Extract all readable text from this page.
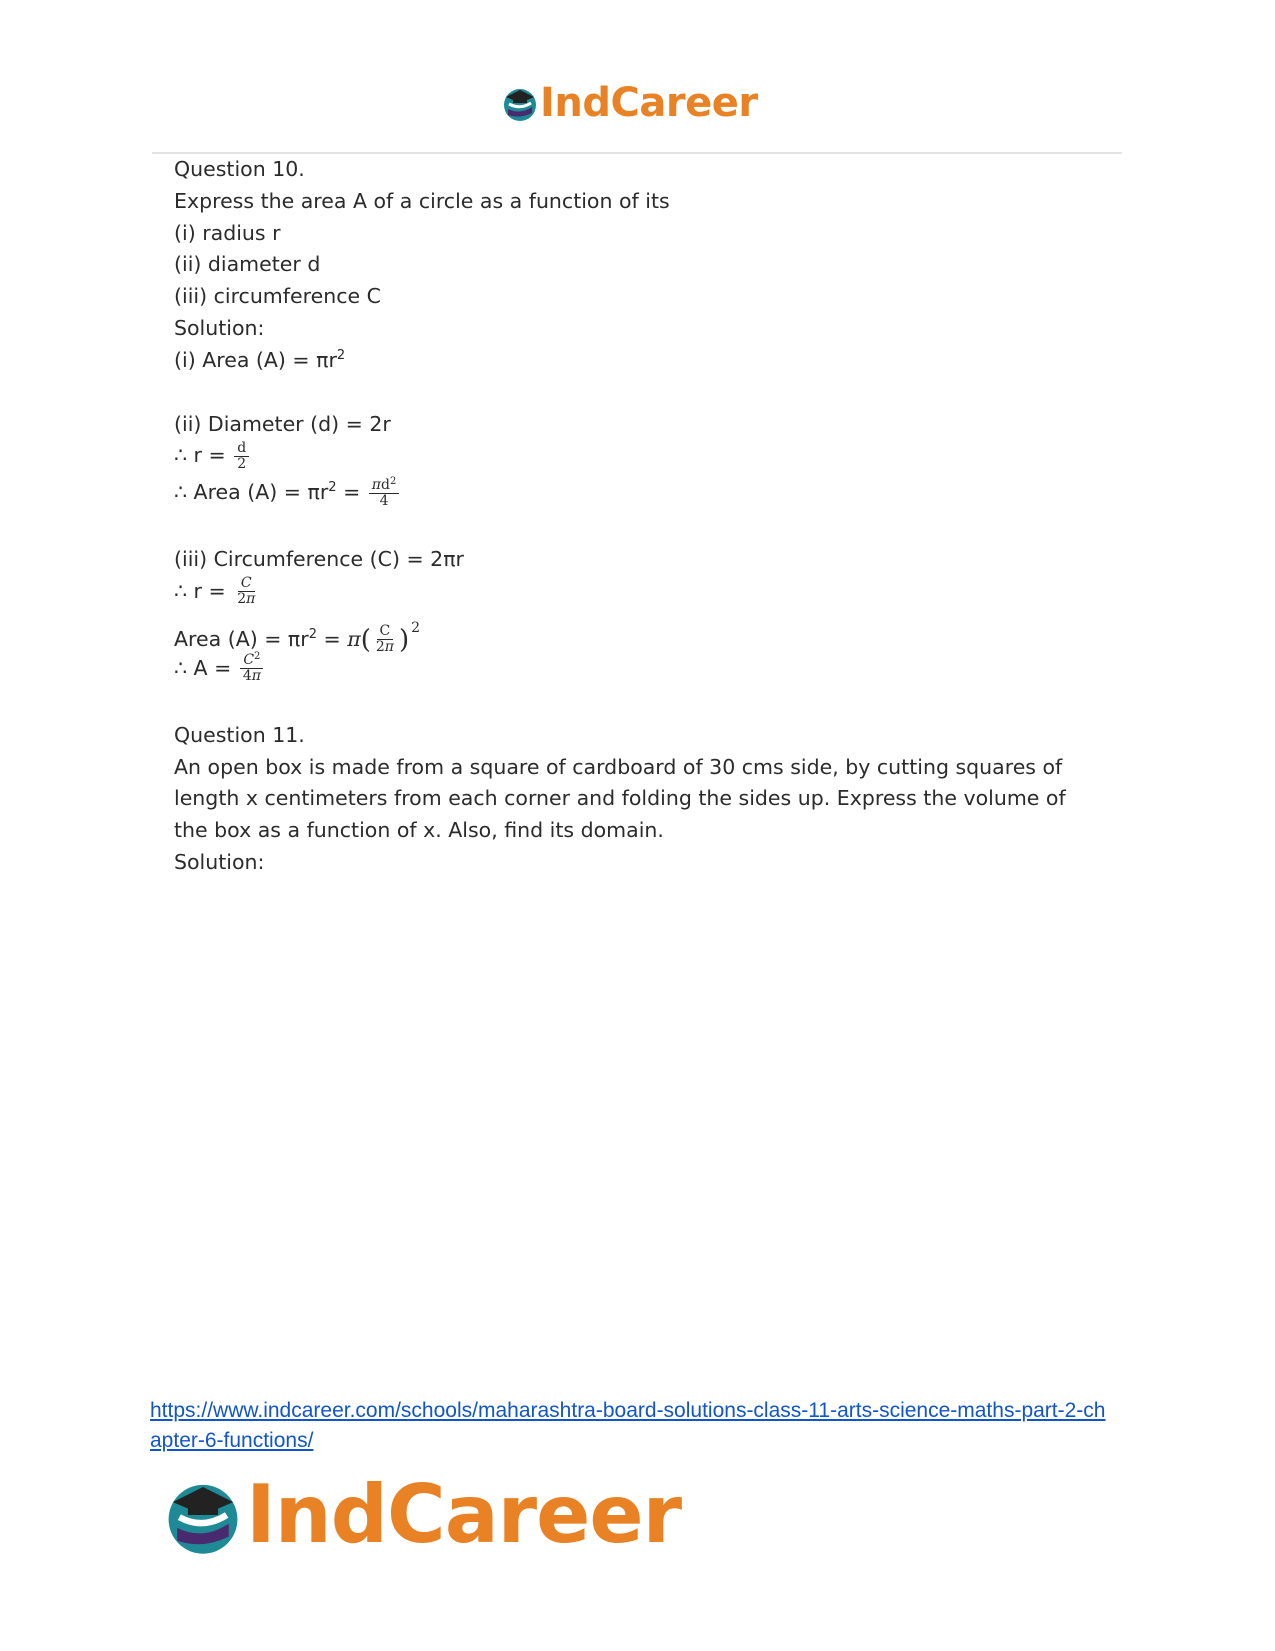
IndCareer
Question 10.
Express the area A of a circle as a function of its
(i) radius r
(ii) diameter d
(iii) circumference C
Solution:
(i) Area $(A) = \pi r^2$
(ii) Diameter (d) = 2r
∴ $r = \frac{d}{2}$
∴ Area $(A) = \pi r^2 = \frac{\pi d^2}{4}$
(iii) Circumference (C) = 2πr
∴ $r = \frac{C}{2\pi}$
Area $(A) = \pi r^2 = \pi( \frac{C}{2\pi}$ ) $^2$
∴ $A = \frac{C^2}{4\pi}$
Question 11.
An open box is made from a square of cardboard of 30 cms side, by cutting squares of length x centimeters from each corner and folding the sides up. Express the volume of the box as a function of x. Also, find its domain.
Solution:
https://www.indcareer.com/schools/maharashtra-board-solutions-class-11-arts-science-maths-part-2-chapter-6-functions/
IndCareer
